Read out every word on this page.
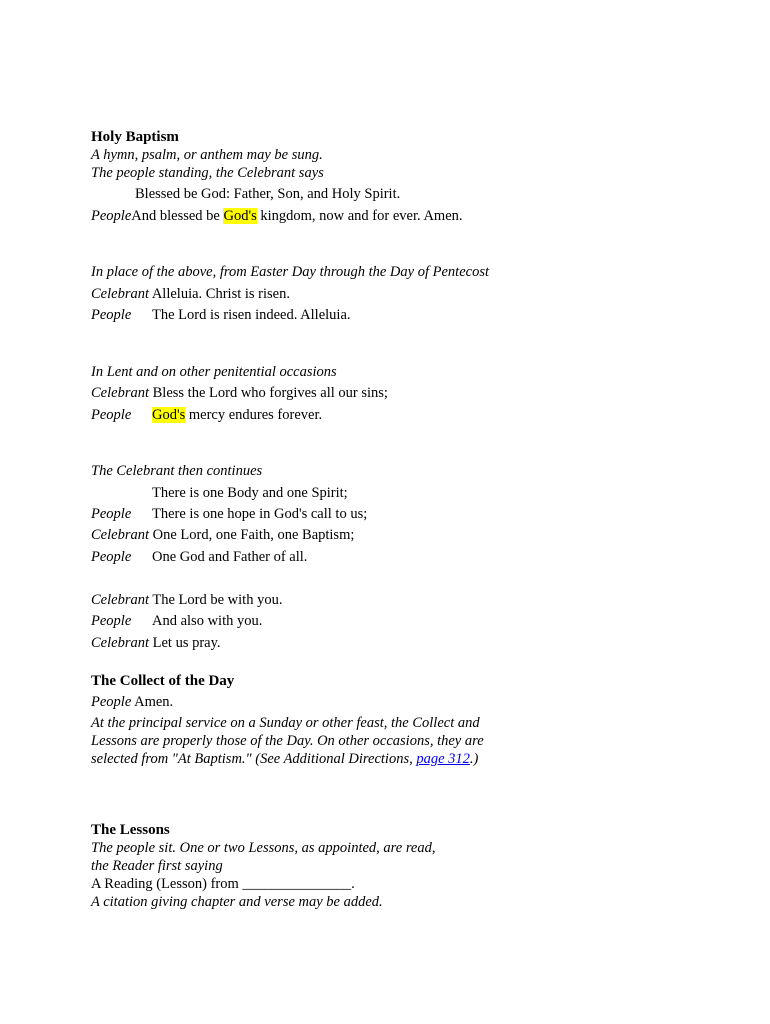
Holy Baptism
A hymn, psalm, or anthem may be sung.
The people standing, the Celebrant says
Blessed be God: Father, Son, and Holy Spirit.
PeopleAnd blessed be God's kingdom, now and for ever. Amen.
In place of the above, from Easter Day through the Day of Pentecost
Celebrant Alleluia. Christ is risen.
People The Lord is risen indeed. Alleluia.
In Lent and on other penitential occasions
Celebrant Bless the Lord who forgives all our sins;
People God's mercy endures forever.
The Celebrant then continues
There is one Body and one Spirit;
People There is one hope in God's call to us;
Celebrant One Lord, one Faith, one Baptism;
People One God and Father of all.
Celebrant The Lord be with you.
People And also with you.
Celebrant Let us pray.
The Collect of the Day
People Amen.
At the principal service on a Sunday or other feast, the Collect and
Lessons are properly those of the Day. On other occasions, they are
selected from "At Baptism." (See Additional Directions, page 312.)
The Lessons
The people sit. One or two Lessons, as appointed, are read,
the Reader first saying
A Reading (Lesson) from _______________.
A citation giving chapter and verse may be added.
